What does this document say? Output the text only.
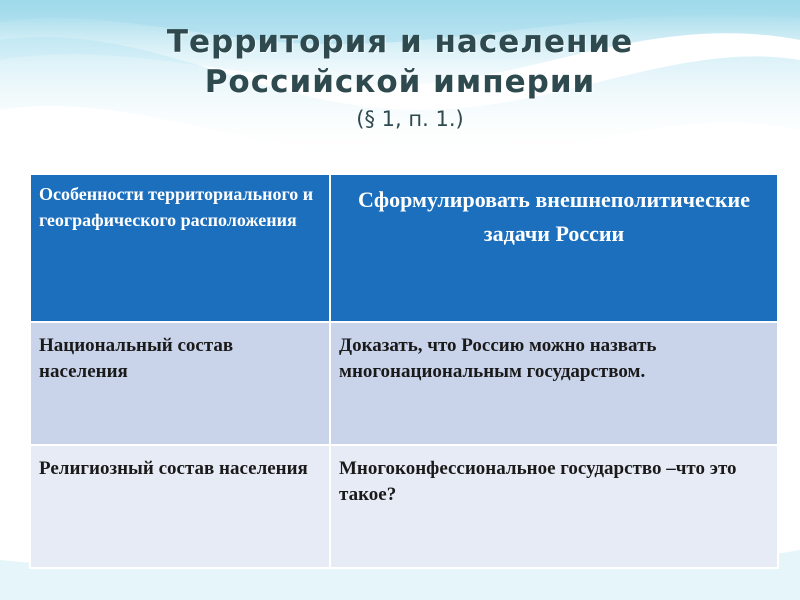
Территория и население
Российской империи
(§ 1, п. 1.)
Особенности территориального и географического расположения	Сформулировать внешнеполитические задачи России
Национальный состав населения	Доказать, что Россию можно назвать многонациональным государством.
Религиозный состав населения	Многоконфессиональное государство –что это такое?
